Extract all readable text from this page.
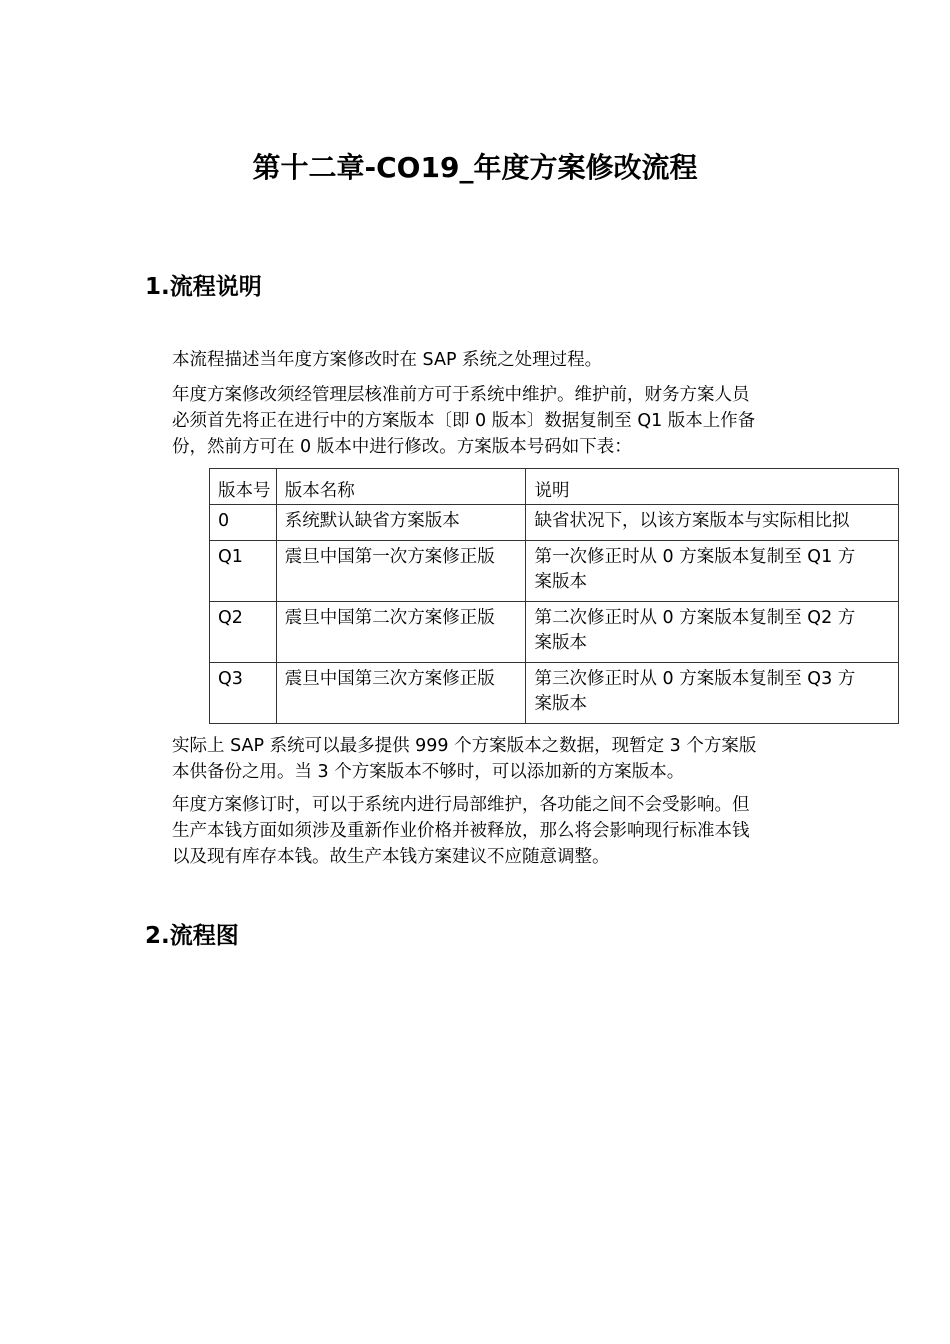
第十二章-CO19_年度方案修改流程
1.流程说明

本流程描述当年度方案修改时在 SAP 系统之处理过程。

年度方案修改须经管理层核准前方可于系统中维护。维护前，财务方案人员
必须首先将正在进行中的方案版本〔即 0 版本〕数据复制至 Q1 版本上作备
份，然前方可在 0 版本中进行修改。方案版本号码如下表：

版本号	版本名称	说明
0	系统默认缺省方案版本	缺省状况下，以该方案版本与实际相比拟

Q1	震旦中国第一次方案修正版	第一次修正时从 0 方案版本复制至 Q1 方
案版本

Q2	震旦中国第二次方案修正版	第二次修正时从 0 方案版本复制至 Q2 方
案版本

Q3	震旦中国第三次方案修正版	第三次修正时从 0 方案版本复制至 Q3 方
案版本

实际上 SAP 系统可以最多提供 999 个方案版本之数据，现暂定 3 个方案版
本供备份之用。当 3 个方案版本不够时，可以添加新的方案版本。

年度方案修订时，可以于系统内进行局部维护，各功能之间不会受影响。但
生产本钱方面如须涉及重新作业价格并被释放，那么将会影响现行标准本钱
以及现有库存本钱。故生产本钱方案建议不应随意调整。

2.流程图
